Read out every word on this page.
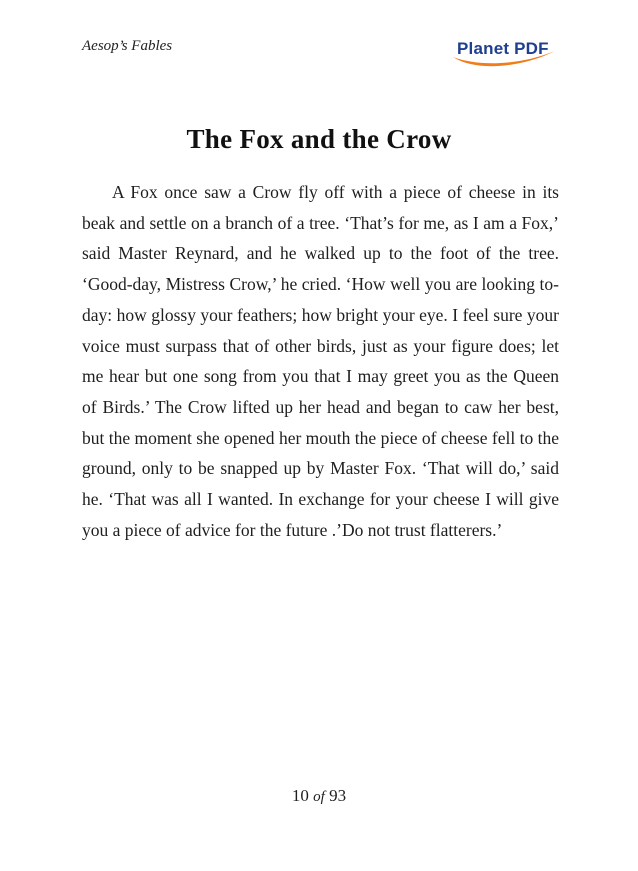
Aesop’s Fables	Planet PDF
The Fox and the Crow

A Fox once saw a Crow fly off with a piece of cheese in its beak and settle on a branch of a tree. ‘That’s for me, as I am a Fox,’ said Master Reynard, and he walked up to the foot of the tree. ‘Good-day, Mistress Crow,’ he cried. ‘How well you are looking to-day: how glossy your feathers; how bright your eye. I feel sure your voice must surpass that of other birds, just as your figure does; let me hear but one song from you that I may greet you as the Queen of Birds.’ The Crow lifted up her head and began to caw her best, but the moment she opened her mouth the piece of cheese fell to the ground, only to be snapped up by Master Fox. ‘That will do,’ said he. ‘That was all I wanted. In exchange for your cheese I will give you a piece of advice for the future .’Do not trust flatterers.’

10 of 93
